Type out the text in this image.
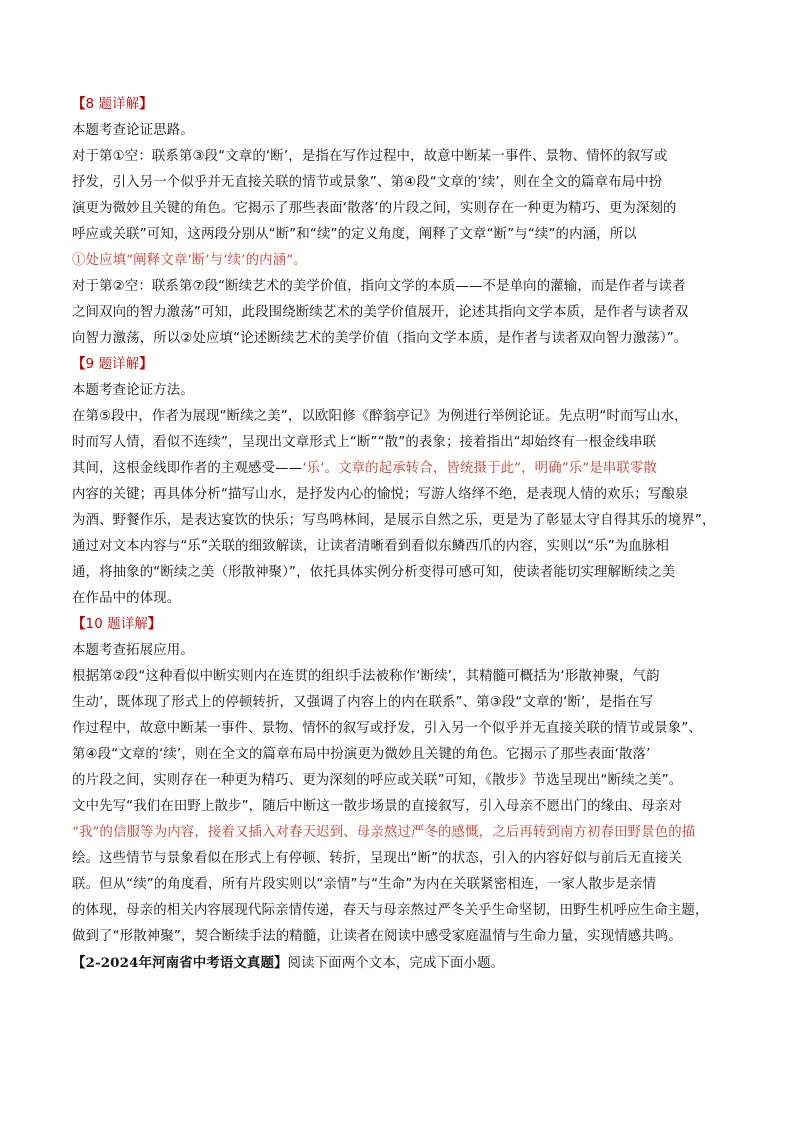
【8 题详解】
本题考查论证思路。
对于第①空：联系第③段“文章的‘断’，是指在写作过程中，故意中断某一事件、景物、情怀的叙写或
抒发，引入另一个似乎并无直接关联的情节或景象”、第④段“文章的‘续’，则在全文的篇章布局中扮
演更为微妙且关键的角色。它揭示了那些表面‘散落’的片段之间，实则存在一种更为精巧、更为深刻的
呼应或关联”可知，这两段分别从“断”和“续”的定义角度，阐释了文章“断”与“续”的内涵，所以
①处应填“阐释文章‘断’与‘续’的内涵”。
对于第②空：联系第⑦段“断续艺术的美学价值，指向文学的本质——不是单向的灌输，而是作者与读者
之间双向的智力激荡”可知，此段围绕断续艺术的美学价值展开，论述其指向文学本质，是作者与读者双
向智力激荡，所以②处应填“论述断续艺术的美学价值（指向文学本质，是作者与读者双向智力激荡）”。
【9 题详解】
本题考查论证方法。
在第⑤段中，作者为展现“断续之美”，以欧阳修《醉翁亭记》为例进行举例论证。先点明“时而写山水，
时而写人情，看似不连续”，呈现出文章形式上“断”“散”的表象；接着指出“却始终有一根金线串联
其间，这根金线即作者的主观感受——‘乐’。文章的起承转合，皆统摄于此”，明确“乐”是串联零散
内容的关键；再具体分析“描写山水，是抒发内心的愉悦；写游人络绎不绝，是表现人情的欢乐；写酿泉
为酒、野餐作乐，是表达宴饮的快乐；写鸟鸣林间，是展示自然之乐，更是为了彰显太守自得其乐的境界”，
通过对文本内容与“乐”关联的细致解读，让读者清晰看到看似东鳞西爪的内容，实则以“乐”为血脉相
通，将抽象的“断续之美（形散神聚）”，依托具体实例分析变得可感可知，使读者能切实理解断续之美
在作品中的体现。
【10 题详解】
本题考查拓展应用。
根据第②段“这种看似中断实则内在连贯的组织手法被称作‘断续’，其精髓可概括为‘形散神聚，气韵
生动’，既体现了形式上的停顿转折，又强调了内容上的内在联系”、第③段“文章的‘断’，是指在写
作过程中，故意中断某一事件、景物、情怀的叙写或抒发，引入另一个似乎并无直接关联的情节或景象”、
第④段“文章的‘续’，则在全文的篇章布局中扮演更为微妙且关键的角色。它揭示了那些表面‘散落’
的片段之间，实则存在一种更为精巧、更为深刻的呼应或关联”可知，《散步》节选呈现出“断续之美”。
文中先写“我们在田野上散步”，随后中断这一散步场景的直接叙写，引入母亲不愿出门的缘由、母亲对
“我”的信服等为内容，接着又插入对春天迟到、母亲熬过严冬的感慨，之后再转到南方初春田野景色的描
绘。这些情节与景象看似在形式上有停顿、转折，呈现出“断”的状态，引入的内容好似与前后无直接关
联。但从“续”的角度看，所有片段实则以“亲情”与“生命”为内在关联紧密相连，一家人散步是亲情
的体现，母亲的相关内容展现代际亲情传递，春天与母亲熬过严冬关乎生命坚韧，田野生机呼应生命主题，
做到了“形散神聚”，契合断续手法的精髓，让读者在阅读中感受家庭温情与生命力量，实现情感共鸣。
【2-2024年河南省中考语文真题】阅读下面两个文本，完成下面小题。
